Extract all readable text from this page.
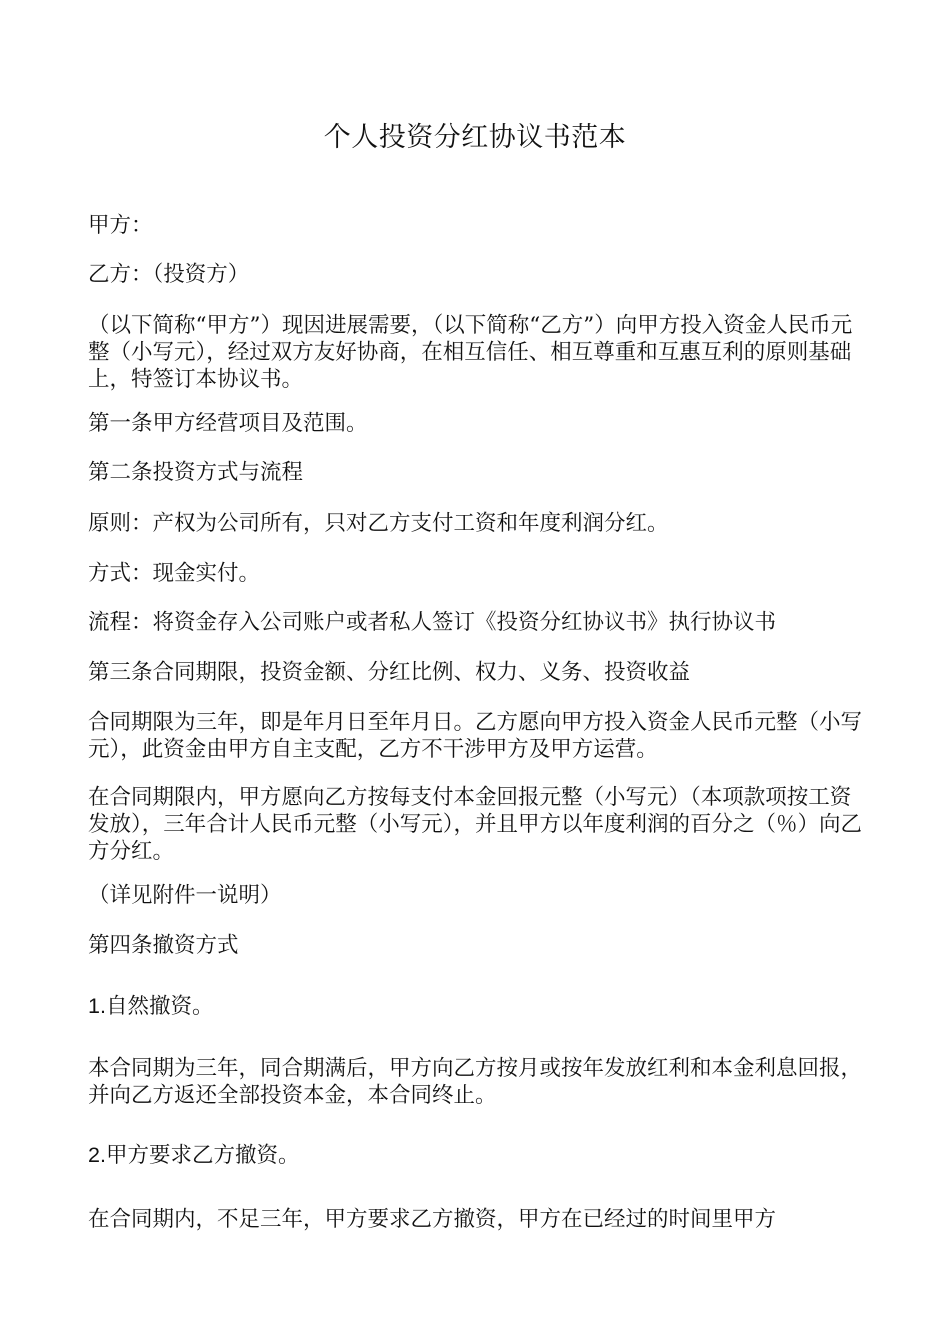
个人投资分红协议书范本

甲方：

乙方：（投资方）

（以下简称“甲方”）现因进展需要，（以下简称“乙方”）向甲方投入资金人民币元整（小写元），经过双方友好协商，在相互信任、相互尊重和互惠互利的原则基础上，特签订本协议书。

第一条甲方经营项目及范围。

第二条投资方式与流程

原则：产权为公司所有，只对乙方支付工资和年度利润分红。

方式：现金实付。

流程：将资金存入公司账户或者私人签订《投资分红协议书》执行协议书

第三条合同期限，投资金额、分红比例、权力、义务、投资收益

合同期限为三年，即是年月日至年月日。乙方愿向甲方投入资金人民币元整（小写元），此资金由甲方自主支配，乙方不干涉甲方及甲方运营。

在合同期限内，甲方愿向乙方按每支付本金回报元整（小写元）（本项款项按工资发放），三年合计人民币元整（小写元），并且甲方以年度利润的百分之（％）向乙方分红。

（详见附件一说明）

第四条撤资方式

1.自然撤资。

本合同期为三年，同合期满后，甲方向乙方按月或按年发放红利和本金利息回报，并向乙方返还全部投资本金，本合同终止。

2.甲方要求乙方撤资。

在合同期内，不足三年，甲方要求乙方撤资，甲方在已经过的时间里甲方
